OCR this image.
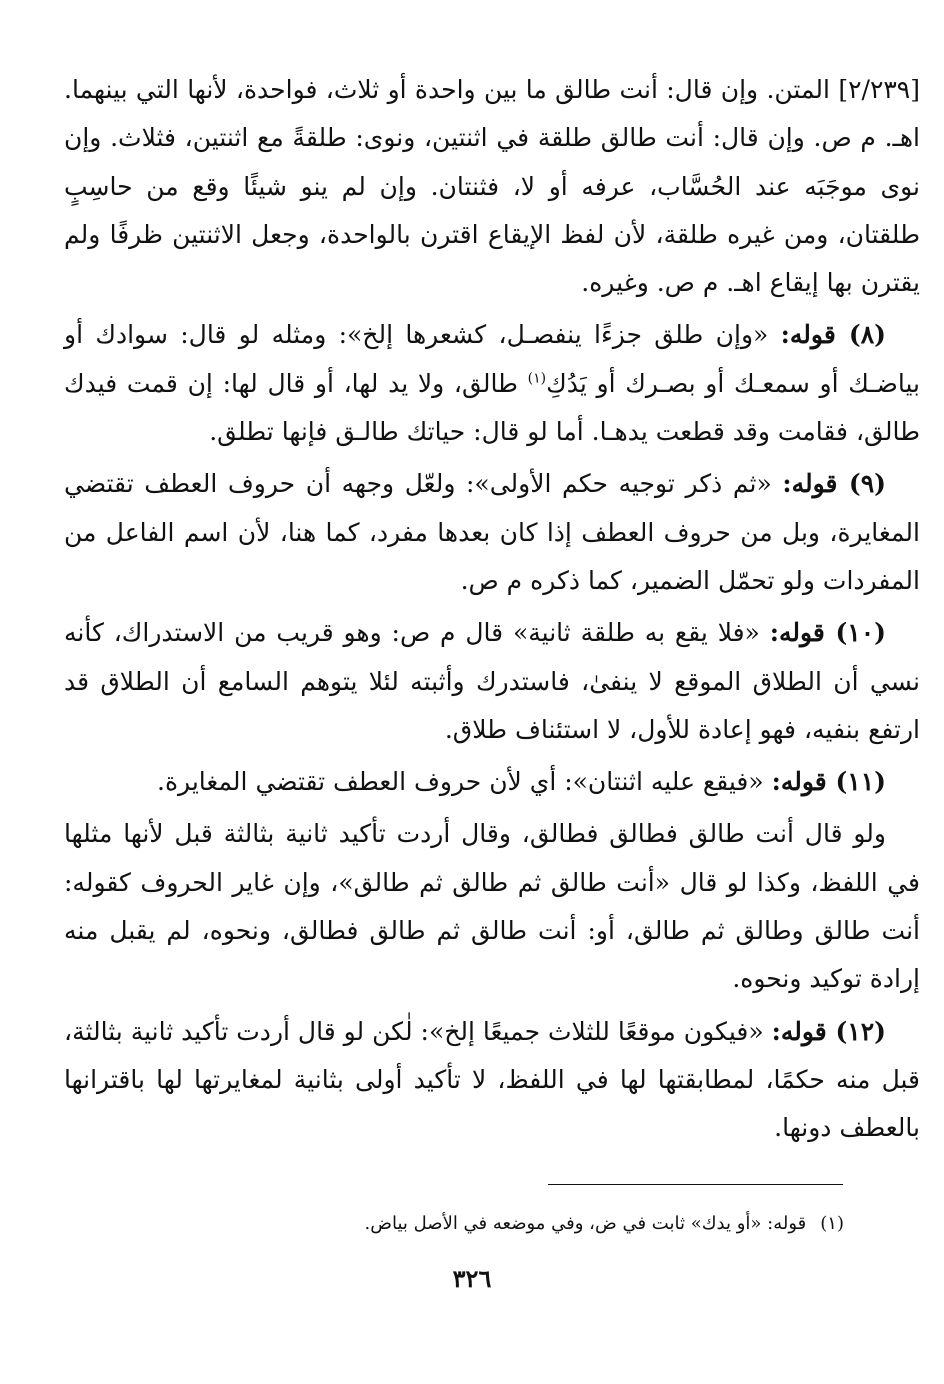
[٢/٢٣٩] المتن. وإن قال: أنت طالق ما بين واحدة أو ثلاث، فواحدة، لأنها التي بينهما. اهـ. م ص. وإن قال: أنت طالق طلقة في اثنتين، ونوى: طلقةً مع اثنتين، فثلاث. وإن نوى موجَبَه عند الحُسَّاب، عرفه أو لا، فثنتان. وإن لم ينو شيئًا وقع من حاسِبٍ طلقتان، ومن غيره طلقة، لأن لفظ الإيقاع اقترن بالواحدة، وجعل الاثنتين ظرفًا ولم يقترن بها إيقاع اهـ. م ص. وغيره.

(٨) قوله: «وإن طلق جزءًا ينفصـل، كشعرها إلخ»: ومثله لو قال: سوادك أو بياضـك أو سمعـك أو بصـرك أو يَدُكِ$^{(١)}$ طالق، ولا يد لها، أو قال لها: إن قمت فيدك طالق، فقامت وقد قطعت يدهـا. أما لو قال: حياتك طالـق فإنها تطلق.

(٩) قوله: «ثم ذكر توجيه حكم الأولى»: ولعّل وجهه أن حروف العطف تقتضي المغايرة، وبل من حروف العطف إذا كان بعدها مفرد، كما هنا، لأن اسم الفاعل من المفردات ولو تحمّل الضمير، كما ذكره م ص.

(١٠) قوله: «فلا يقع به طلقة ثانية» قال م ص: وهو قريب من الاستدراك، كأنه نسي أن الطلاق الموقع لا ينفىٰ، فاستدرك وأثبته لئلا يتوهم السامع أن الطلاق قد ارتفع بنفيه، فهو إعادة للأول، لا استئناف طلاق.

(١١) قوله: «فيقع عليه اثنتان»: أي لأن حروف العطف تقتضي المغايرة.

ولو قال أنت طالق فطالق فطالق، وقال أردت تأكيد ثانية بثالثة قبل لأنها مثلها في اللفظ، وكذا لو قال «أنت طالق ثم طالق ثم طالق»، وإن غاير الحروف كقوله: أنت طالق وطالق ثم طالق، أو: أنت طالق ثم طالق فطالق، ونحوه، لم يقبل منه إرادة توكيد ونحوه.

(١٢) قوله: «فيكون موقعًا للثلاث جميعًا إلخ»: لٰكن لو قال أردت تأكيد ثانية بثالثة، قبل منه حكمًا، لمطابقتها لها في اللفظ، لا تأكيد أولى بثانية لمغايرتها لها باقترانها بالعطف دونها.

(١)قوله: «أو يدك» ثابت في ض، وفي موضعه في الأصل بياض.
٣٢٦
